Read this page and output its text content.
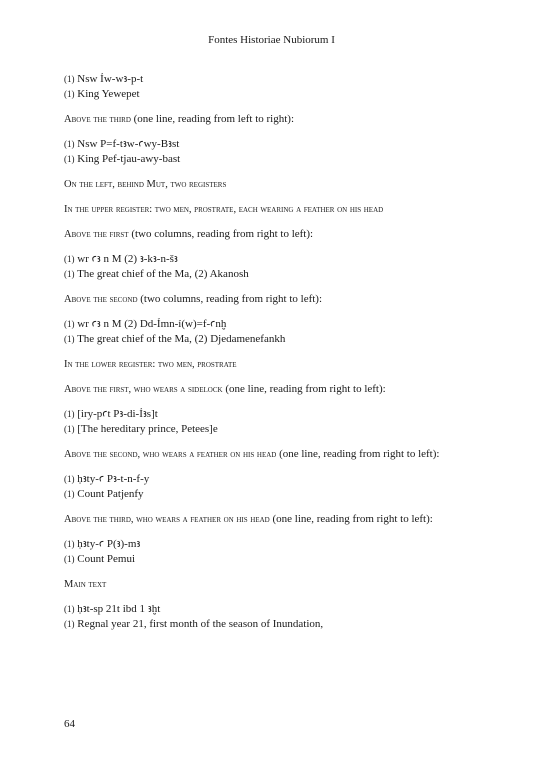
Fontes Historiae Nubiorum I
(1) Nsw Ỉw-wꜣ-p-t
(1) King Yewepet
Above the third (one line, reading from left to right):
(1) Nsw P=f-tꜣw-ꜥwy-Bꜣst
(1) King Pef-tjau-awy-bast
On the left, behind Mut, two registers
In the upper register: two men, prostrate, each wearing a feather on his head
Above the first (two columns, reading from right to left):
(1) wr ꜥꜣ n M (2) ꜣ-kꜣ-n-šꜣ
(1) The great chief of the Ma, (2) Akanosh
Above the second (two columns, reading from right to left):
(1) wr ꜥꜣ n M (2) Dd-Ỉmn-ỉ(w)=f-ꜥnḫ
(1) The great chief of the Ma, (2) Djedamenefankh
In the lower register: two men, prostrate
Above the first, who wears a sidelock (one line, reading from right to left):
(1) [iry-pꜥt Pꜣ-di-Ỉꜣs]t
(1) [The hereditary prince, Petees]e
Above the second, who wears a feather on his head (one line, reading from right to left):
(1) ḥꜣty-ꜥ Pꜣ-t-n-f-y
(1) Count Patjenfy
Above the third, who wears a feather on his head (one line, reading from right to left):
(1) ḥꜣty-ꜥ P(ꜣ)-mꜣ
(1) Count Pemui
Main text
(1) ḥꜣt-sp 21t ibd 1 ꜣḫt
(1) Regnal year 21, first month of the season of Inundation,
64
